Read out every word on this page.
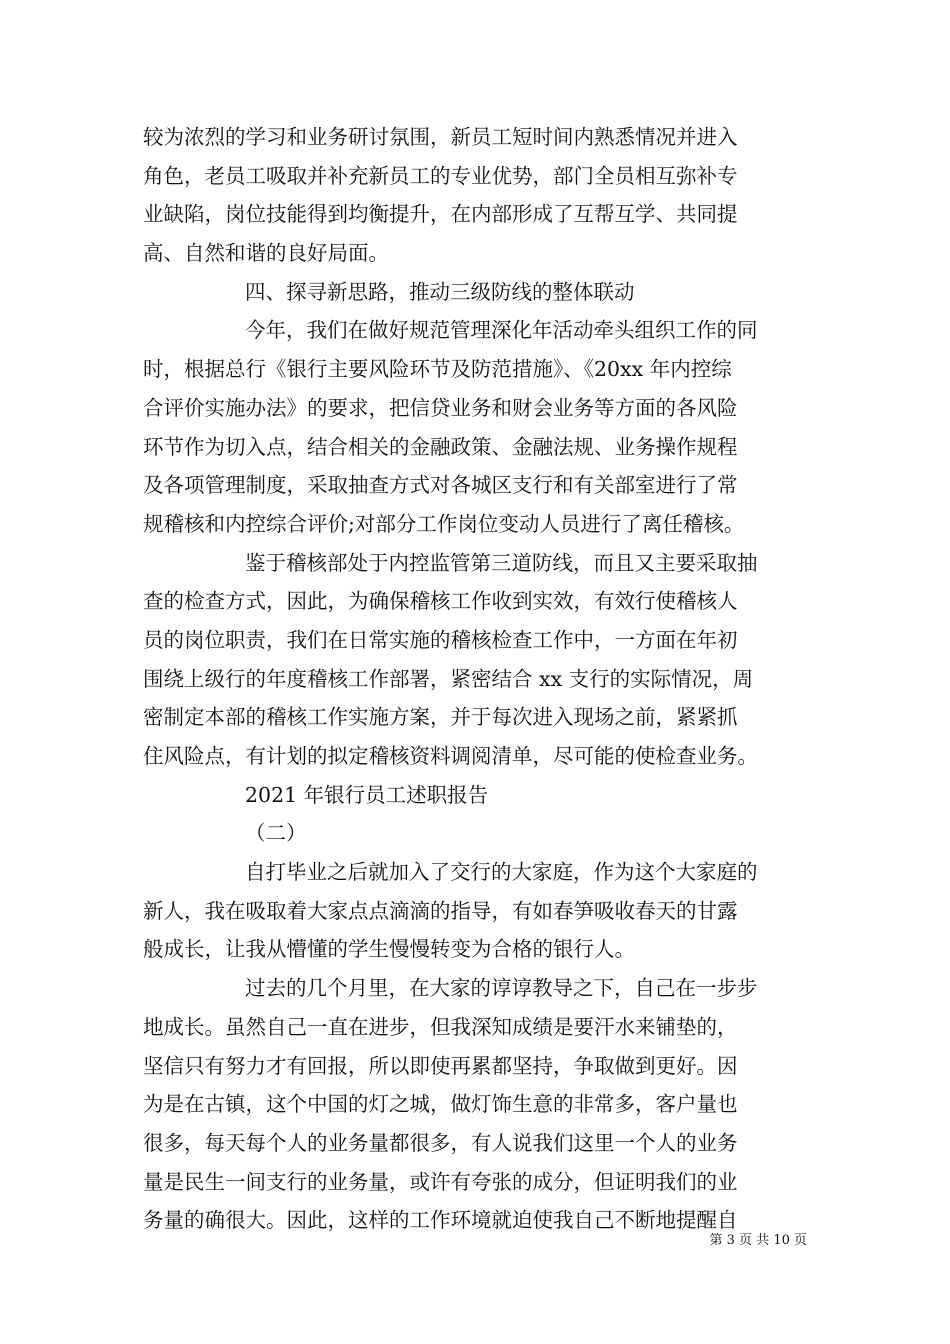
较为浓烈的学习和业务研讨氛围，新员工短时间内熟悉情况并进入
角色，老员工吸取并补充新员工的专业优势，部门全员相互弥补专
业缺陷，岗位技能得到均衡提升，在内部形成了互帮互学、共同提
高、自然和谐的良好局面。
四、探寻新思路，推动三级防线的整体联动
今年，我们在做好规范管理深化年活动牵头组织工作的同
时，根据总行《银行主要风险环节及防范措施》、《20xx 年内控综
合评价实施办法》的要求，把信贷业务和财会业务等方面的各风险
环节作为切入点，结合相关的金融政策、金融法规、业务操作规程
及各项管理制度，采取抽查方式对各城区支行和有关部室进行了常
规稽核和内控综合评价;对部分工作岗位变动人员进行了离任稽核。
鉴于稽核部处于内控监管第三道防线，而且又主要采取抽
查的检查方式，因此，为确保稽核工作收到实效，有效行使稽核人
员的岗位职责，我们在日常实施的稽核检查工作中，一方面在年初
围绕上级行的年度稽核工作部署，紧密结合 xx 支行的实际情况，周
密制定本部的稽核工作实施方案，并于每次进入现场之前，紧紧抓
住风险点，有计划的拟定稽核资料调阅清单，尽可能的使检查业务。
2021 年银行员工述职报告
（二）
自打毕业之后就加入了交行的大家庭，作为这个大家庭的
新人，我在吸取着大家点点滴滴的指导，有如春笋吸收春天的甘露
般成长，让我从懵懂的学生慢慢转变为合格的银行人。
过去的几个月里，在大家的谆谆教导之下，自己在一步步
地成长。虽然自己一直在进步，但我深知成绩是要汗水来铺垫的，
坚信只有努力才有回报，所以即使再累都坚持，争取做到更好。因
为是在古镇，这个中国的灯之城，做灯饰生意的非常多，客户量也
很多，每天每个人的业务量都很多，有人说我们这里一个人的业务
量是民生一间支行的业务量，或许有夸张的成分，但证明我们的业
务量的确很大。因此，这样的工作环境就迫使我自己不断地提醒自
第 3 页 共 10 页
